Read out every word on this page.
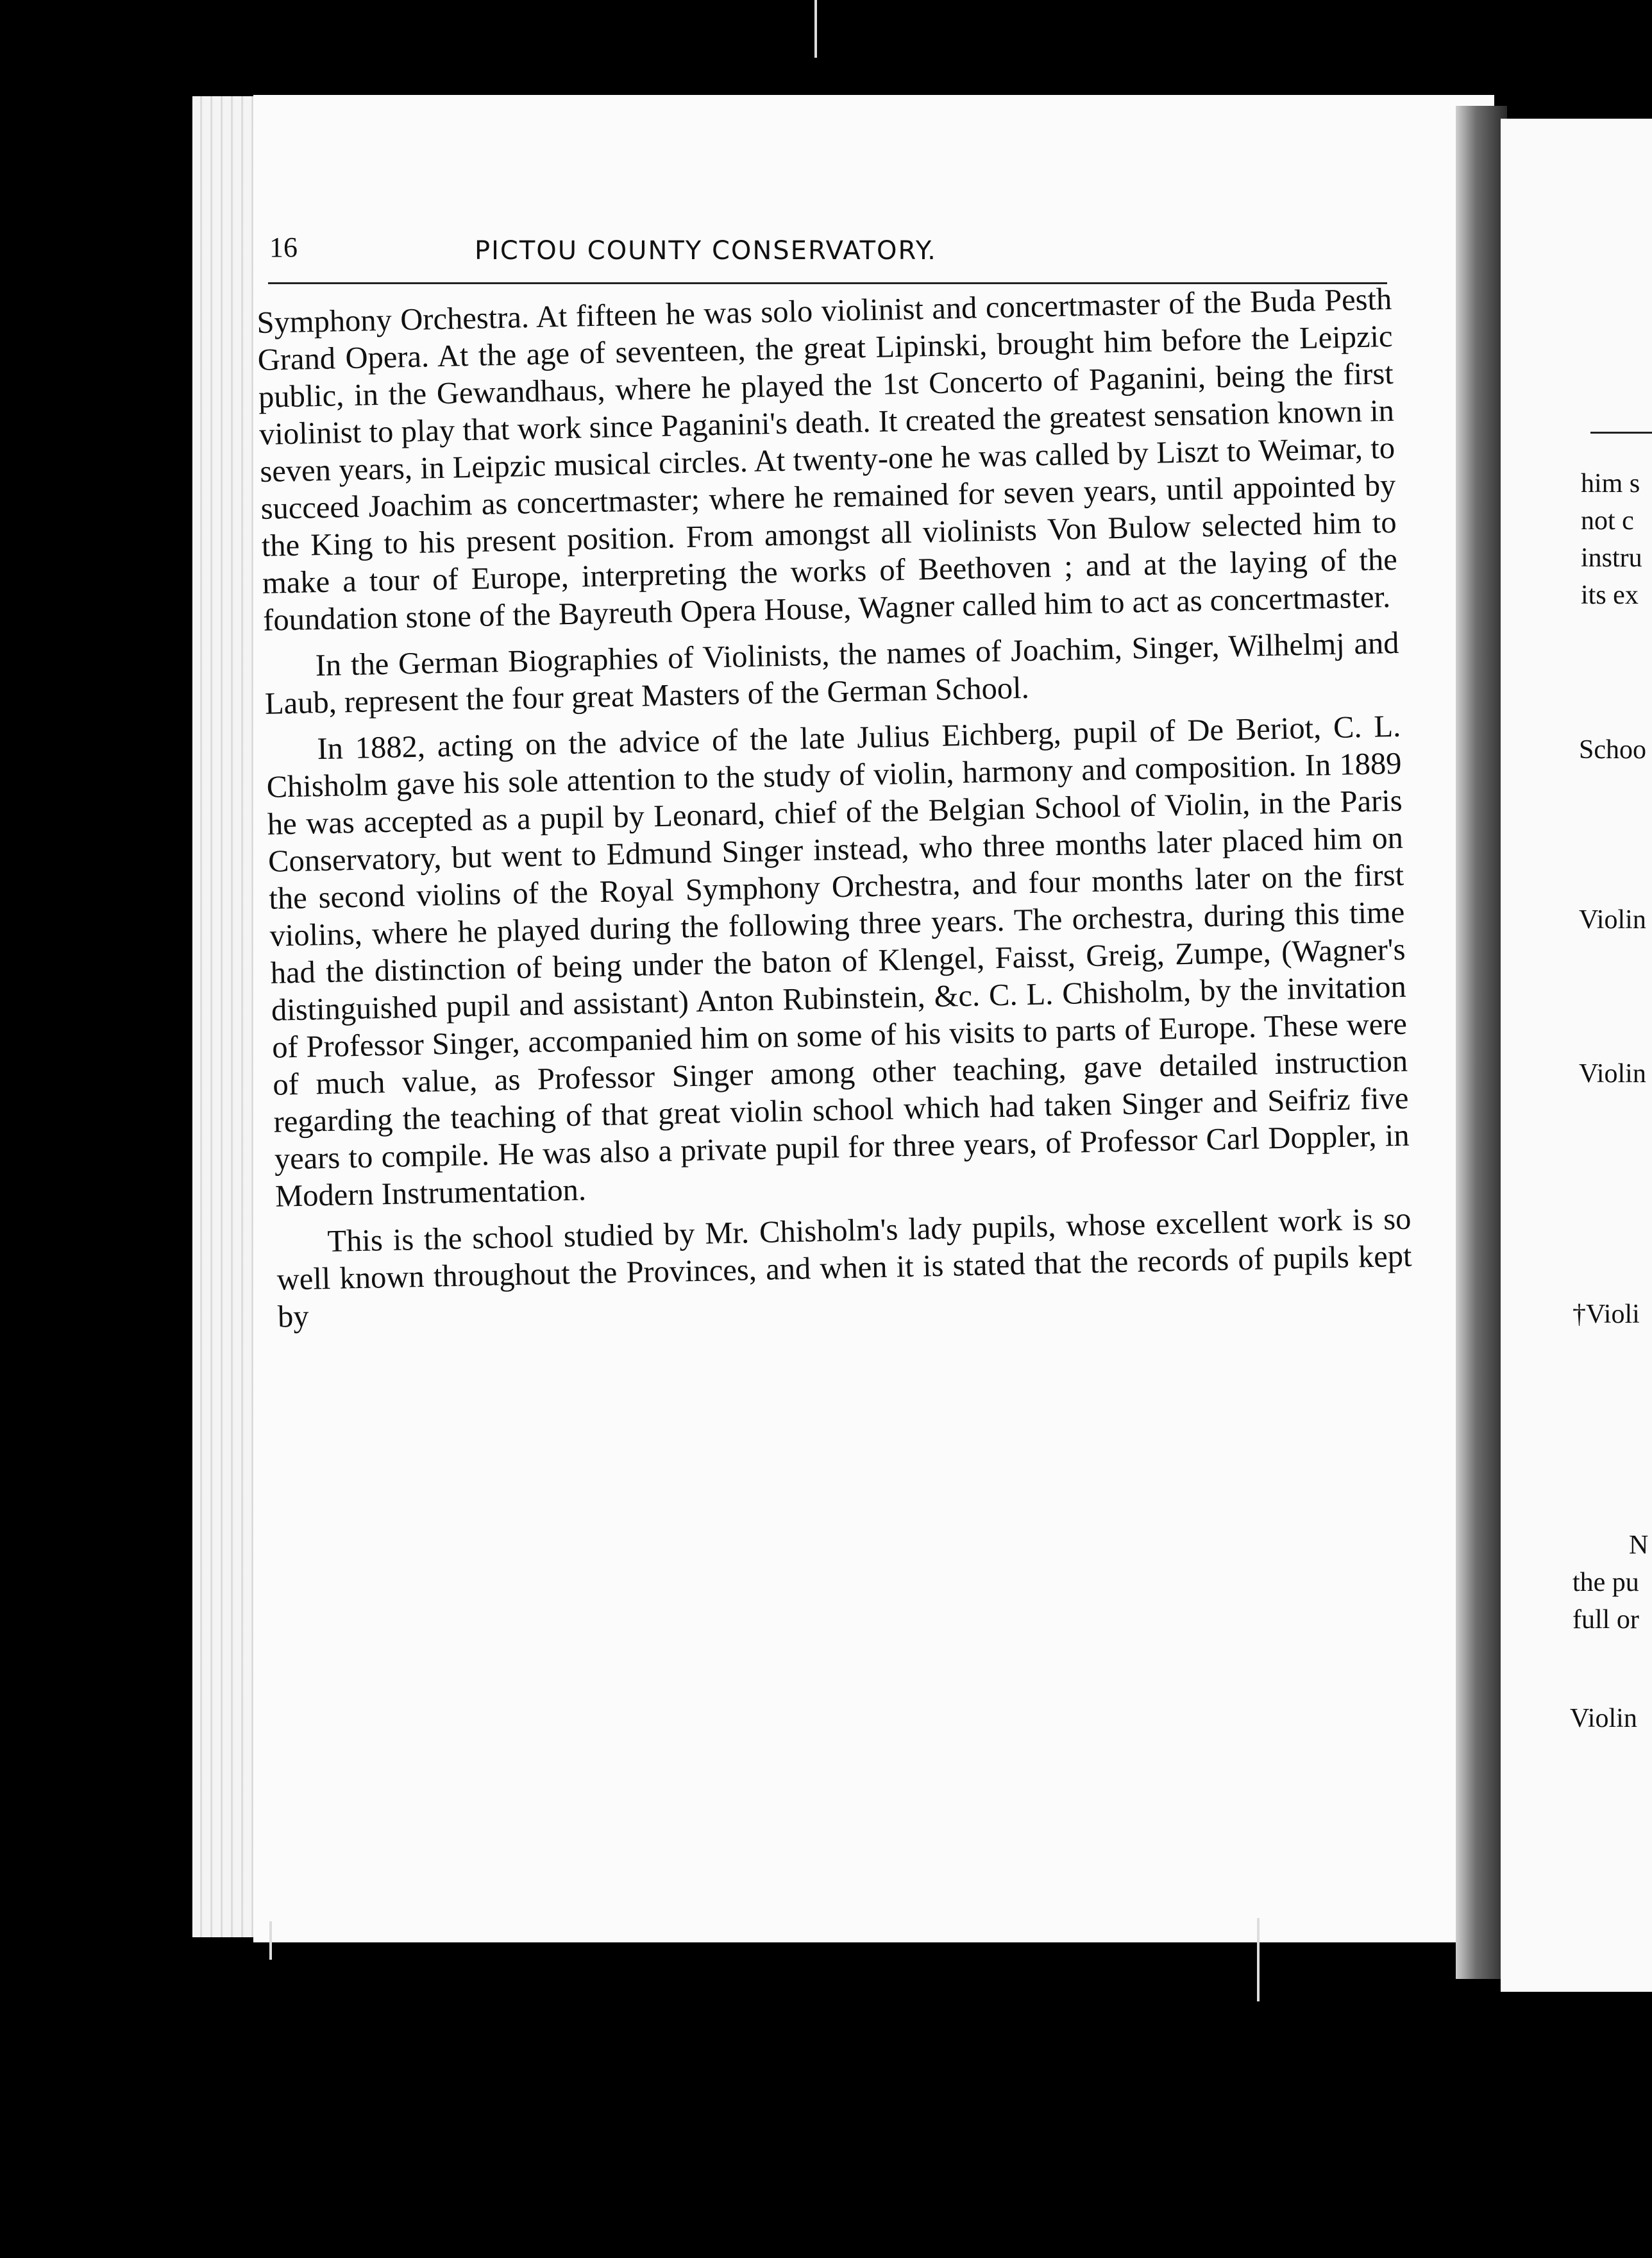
16	PICTOU COUNTY CONSERVATORY.

Symphony Orchestra. At fifteen he was solo violinist and concertmaster of the Buda Pesth Grand Opera. At the age of seventeen, the great Lipinski, brought him before the Leipzic public, in the Gewandhaus, where he played the 1st Concerto of Paganini, being the first violinist to play that work since Paganini's death. It created the greatest sensation known in seven years, in Leipzic musical circles. At twenty-one he was called by Liszt to Weimar, to succeed Joachim as concertmaster; where he remained for seven years, until appointed by the King to his present position. From amongst all violinists Von Bulow selected him to make a tour of Europe, interpreting the works of Beethoven ; and at the laying of the foundation stone of the Bayreuth Opera House, Wagner called him to act as concertmaster.

In the German Biographies of Violinists, the names of Joachim, Singer, Wilhelmj and Laub, represent the four great Masters of the German School.

In 1882, acting on the advice of the late Julius Eichberg, pupil of De Beriot, C. L. Chisholm gave his sole attention to the study of violin, harmony and composition. In 1889 he was accepted as a pupil by Leonard, chief of the Belgian School of Violin, in the Paris Conservatory, but went to Edmund Singer instead, who three months later placed him on the second violins of the Royal Symphony Orchestra, and four months later on the first violins, where he played during the following three years. The orchestra, during this time had the distinction of being under the baton of Klengel, Faisst, Greig, Zumpe, (Wagner's distinguished pupil and assistant) Anton Rubinstein, &c. C. L. Chisholm, by the invitation of Professor Singer, accompanied him on some of his visits to parts of Europe. These were of much value, as Professor Singer among other teaching, gave detailed instruction regarding the teaching of that great violin school which had taken Singer and Seifriz five years to compile. He was also a private pupil for three years, of Professor Carl Doppler, in Modern Instrumentation.

This is the school studied by Mr. Chisholm's lady pupils, whose excellent work is so well known throughout the Provinces, and when it is stated that the records of pupils kept by

him s
not c
instru
its ex
Schoo
Violin
Violin
†Violi
N
the pu
full or
Violin
